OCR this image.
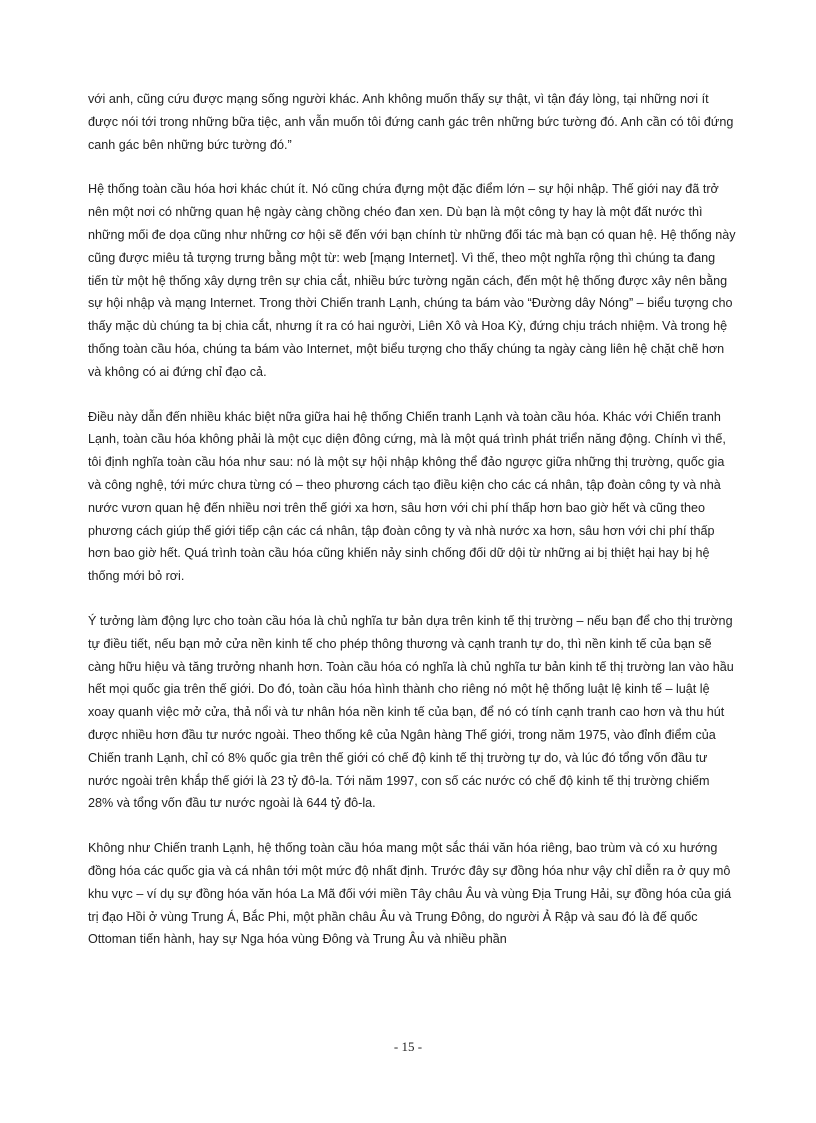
với anh, cũng cứu được mạng sống người khác. Anh không muốn thấy sự thật, vì tận đáy lòng, tại những nơi ít được nói tới trong những bữa tiệc, anh vẫn muốn tôi đứng canh gác trên những bức tường đó. Anh cần có tôi đứng canh gác bên những bức tường đó.”

Hệ thống toàn cầu hóa hơi khác chút ít. Nó cũng chứa đựng một đặc điểm lớn – sự hội nhập. Thế giới nay đã trở nên một nơi có những quan hệ ngày càng chồng chéo đan xen. Dù bạn là một công ty hay là một đất nước thì những mối đe dọa cũng như những cơ hội sẽ đến với bạn chính từ những đối tác mà bạn có quan hệ. Hệ thống này cũng được miêu tả tượng trưng bằng một từ: web [mạng Internet]. Vì thế, theo một nghĩa rộng thì chúng ta đang tiến từ một hệ thống xây dựng trên sự chia cắt, nhiều bức tường ngăn cách, đến một hệ thống được xây nên bằng sự hội nhập và mạng Internet. Trong thời Chiến tranh Lạnh, chúng ta bám vào “Đường dây Nóng” – biểu tượng cho thấy mặc dù chúng ta bị chia cắt, nhưng ít ra có hai người, Liên Xô và Hoa Kỳ, đứng chịu trách nhiệm. Và trong hệ thống toàn cầu hóa, chúng ta bám vào Internet, một biểu tượng cho thấy chúng ta ngày càng liên hệ chặt chẽ hơn và không có ai đứng chỉ đạo cả.

Điều này dẫn đến nhiều khác biệt nữa giữa hai hệ thống Chiến tranh Lạnh và toàn cầu hóa. Khác với Chiến tranh Lạnh, toàn cầu hóa không phải là một cục diện đông cứng, mà là một quá trình phát triển năng động. Chính vì thế, tôi định nghĩa toàn cầu hóa như sau: nó là một sự hội nhập không thể đảo ngược giữa những thị trường, quốc gia và công nghệ, tới mức chưa từng có – theo phương cách tạo điều kiện cho các cá nhân, tập đoàn công ty và nhà nước vươn quan hệ đến nhiều nơi trên thế giới xa hơn, sâu hơn với chi phí thấp hơn bao giờ hết và cũng theo phương cách giúp thế giới tiếp cận các cá nhân, tập đoàn công ty và nhà nước xa hơn, sâu hơn với chi phí thấp hơn bao giờ hết. Quá trình toàn cầu hóa cũng khiến nảy sinh chống đối dữ dội từ những ai bị thiệt hại hay bị hệ thống mới bỏ rơi.

Ý tưởng làm động lực cho toàn cầu hóa là chủ nghĩa tư bản dựa trên kinh tế thị trường – nếu bạn để cho thị trường tự điều tiết, nếu bạn mở cửa nền kinh tế cho phép thông thương và cạnh tranh tự do, thì nền kinh tế của bạn sẽ càng hữu hiệu và tăng trưởng nhanh hơn. Toàn cầu hóa có nghĩa là chủ nghĩa tư bản kinh tế thị trường lan vào hầu hết mọi quốc gia trên thế giới. Do đó, toàn cầu hóa hình thành cho riêng nó một hệ thống luật lệ kinh tế – luật lệ xoay quanh việc mở cửa, thả nổi và tư nhân hóa nền kinh tế của bạn, để nó có tính cạnh tranh cao hơn và thu hút được nhiều hơn đầu tư nước ngoài. Theo thống kê của Ngân hàng Thế giới, trong năm 1975, vào đỉnh điểm của Chiến tranh Lạnh, chỉ có 8% quốc gia trên thế giới có chế độ kinh tế thị trường tự do, và lúc đó tổng vốn đầu tư nước ngoài trên khắp thế giới là 23 tỷ đô-la. Tới năm 1997, con số các nước có chế độ kinh tế thị trường chiếm 28% và tổng vốn đầu tư nước ngoài là 644 tỷ đô-la.

Không như Chiến tranh Lạnh, hệ thống toàn cầu hóa mang một sắc thái văn hóa riêng, bao trùm và có xu hướng đồng hóa các quốc gia và cá nhân tới một mức độ nhất định. Trước đây sự đồng hóa như vậy chỉ diễn ra ở quy mô khu vực – ví dụ sự đồng hóa văn hóa La Mã đối với miền Tây châu Âu và vùng Địa Trung Hải, sự đồng hóa của giá trị đạo Hồi ở vùng Trung Á, Bắc Phi, một phần châu Âu và Trung Đông, do người Ả Rập và sau đó là đế quốc Ottoman tiến hành, hay sự Nga hóa vùng Đông và Trung Âu và nhiều phần

- 15 -
